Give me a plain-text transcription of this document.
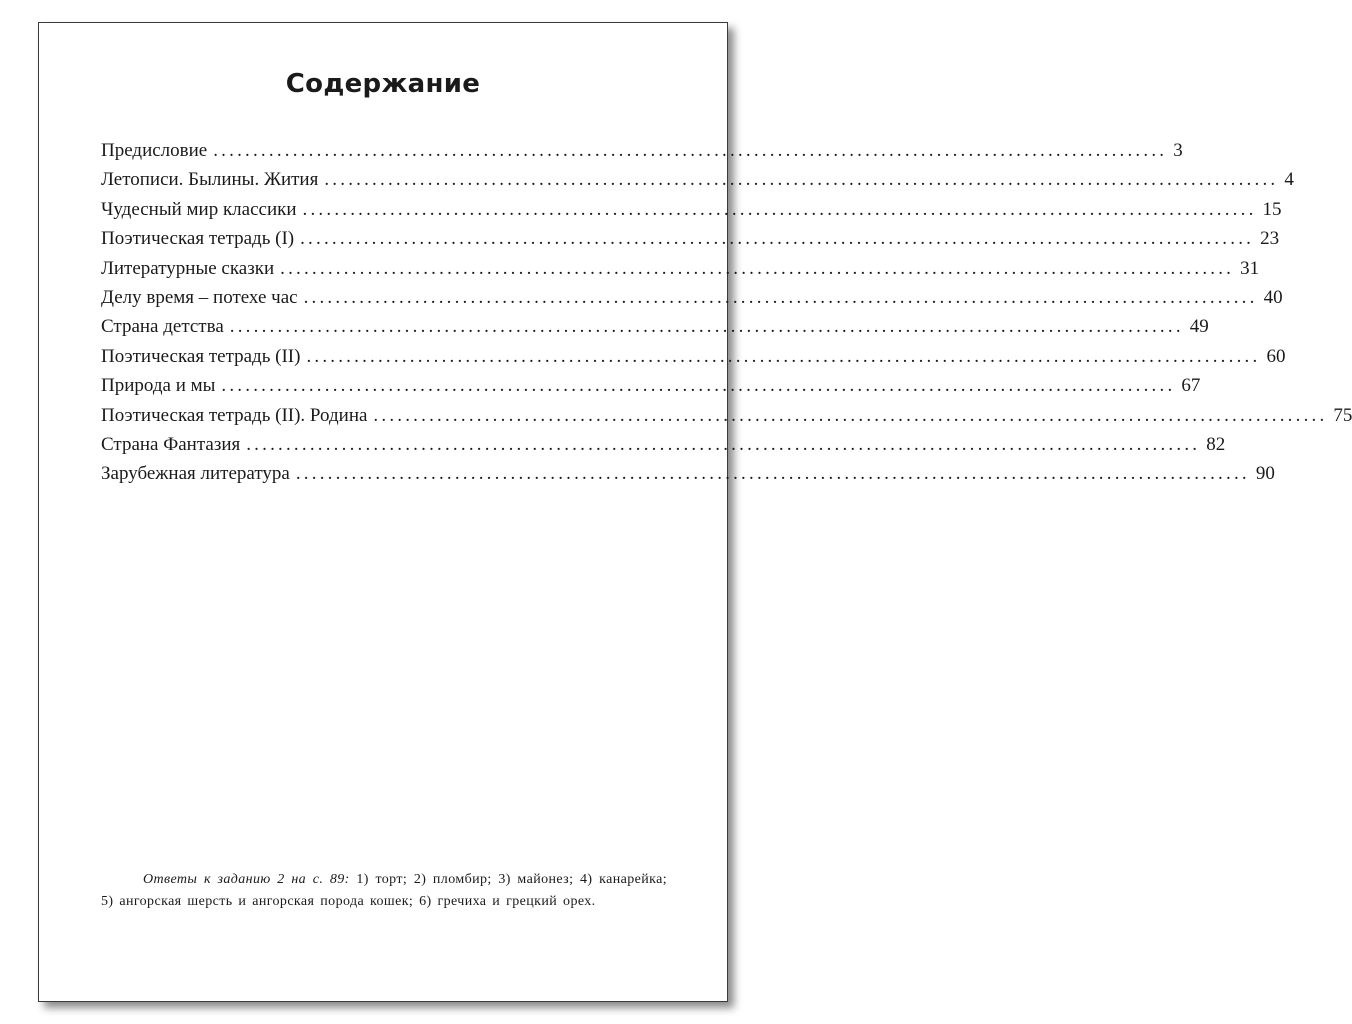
Содержание
Предисловие ........................................................................................................................ 3
Летописи. Былины. Жития ........................................................................................................................ 4
Чудесный мир классики ........................................................................................................................ 15
Поэтическая тетрадь (I) ........................................................................................................................ 23
Литературные сказки ........................................................................................................................ 31
Делу время – потехе час ........................................................................................................................ 40
Страна детства ........................................................................................................................ 49
Поэтическая тетрадь (II) ........................................................................................................................ 60
Природа и мы ........................................................................................................................ 67
Поэтическая тетрадь (II). Родина ........................................................................................................................ 75
Страна Фантазия ........................................................................................................................ 82
Зарубежная литература ........................................................................................................................ 90
Ответы к заданию 2 на с. 89: 1) торт; 2) пломбир; 3) майонез; 4) канарейка; 5) ангорская шерсть и ангорская порода кошек; 6) гречиха и грецкий орех.
